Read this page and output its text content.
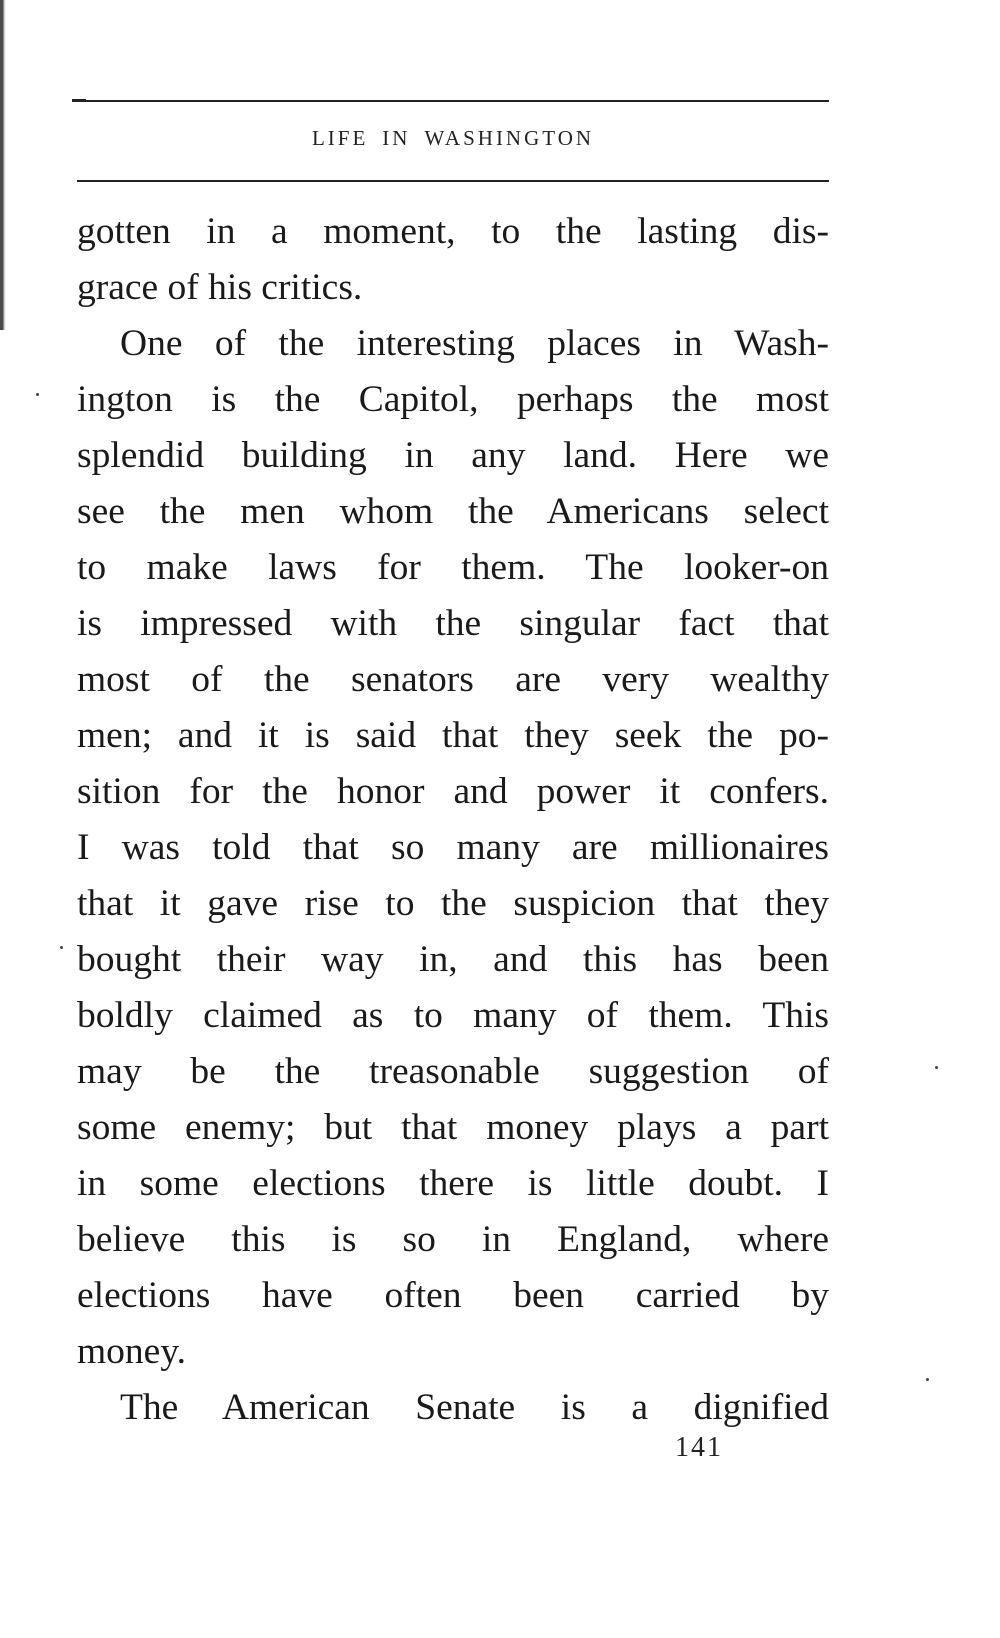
LIFE IN WASHINGTON
gotten in a moment, to the lasting dis-
grace of his critics.
One of the interesting places in Wash-
ington is the Capitol, perhaps the most
splendid building in any land. Here we
see the men whom the Americans select
to make laws for them. The looker-on
is impressed with the singular fact that
most of the senators are very wealthy
men; and it is said that they seek the po-
sition for the honor and power it confers.
I was told that so many are millionaires
that it gave rise to the suspicion that they
bought their way in, and this has been
boldly claimed as to many of them. This
may be the treasonable suggestion of
some enemy; but that money plays a part
in some elections there is little doubt. I
believe this is so in England, where
elections have often been carried by
money.
The American Senate is a dignified
141
